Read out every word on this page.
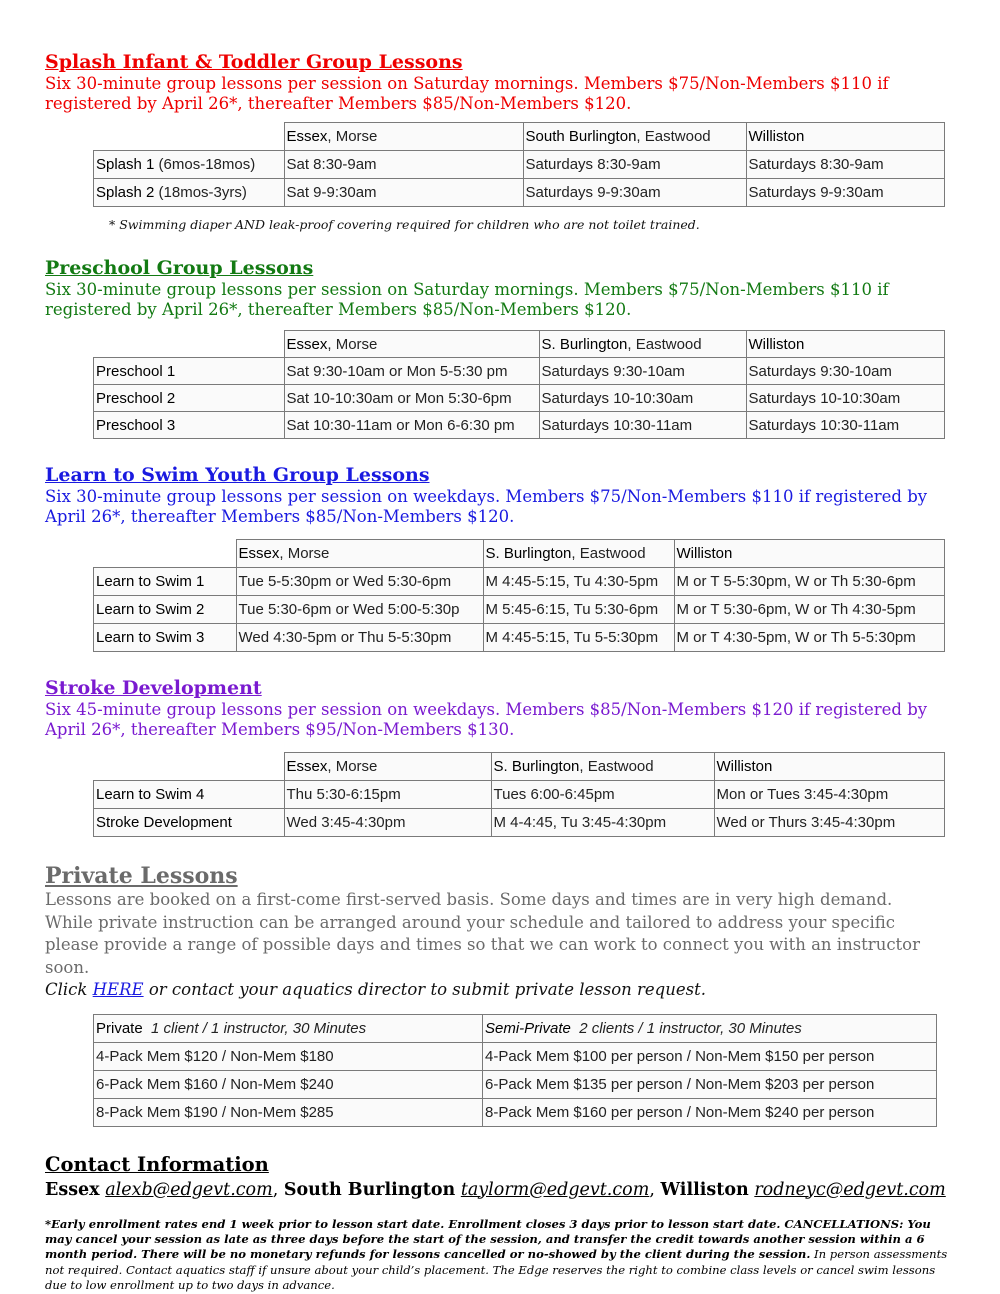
Splash Infant & Toddler Group Lessons

Six 30-minute group lessons per session on Saturday mornings. Members $75/Non-Members $110 if registered by April 26*, thereafter Members $85/Non-Members $120.

	Essex, Morse	South Burlington, Eastwood	Williston
Splash 1 (6mos-18mos)	Sat 8:30-9am	Saturdays 8:30-9am	Saturdays 8:30-9am
Splash 2 (18mos-3yrs)	Sat 9-9:30am	Saturdays 9-9:30am	Saturdays 9-9:30am

* Swimming diaper AND leak-proof covering required for children who are not toilet trained.

Preschool Group Lessons

Six 30-minute group lessons per session on Saturday mornings. Members $75/Non-Members $110 if registered by April 26*, thereafter Members $85/Non-Members $120.

	Essex, Morse	S. Burlington, Eastwood	Williston
Preschool 1	Sat 9:30-10am or Mon 5-5:30 pm	Saturdays 9:30-10am	Saturdays 9:30-10am
Preschool 2	Sat 10-10:30am or Mon 5:30-6pm	Saturdays 10-10:30am	Saturdays 10-10:30am
Preschool 3	Sat 10:30-11am or Mon 6-6:30 pm	Saturdays 10:30-11am	Saturdays 10:30-11am
Learn to Swim Youth Group Lessons

Six 30-minute group lessons per session on weekdays. Members $75/Non-Members $110 if registered by April 26*, thereafter Members $85/Non-Members $120.

	Essex, Morse	S. Burlington, Eastwood	Williston
Learn to Swim 1	Tue 5-5:30pm or Wed 5:30-6pm	M 4:45-5:15, Tu 4:30-5pm	M or T 5-5:30pm, W or Th 5:30-6pm
Learn to Swim 2	Tue 5:30-6pm or Wed 5:00-5:30p	M 5:45-6:15, Tu 5:30-6pm	M or T 5:30-6pm, W or Th 4:30-5pm
Learn to Swim 3	Wed 4:30-5pm or Thu 5-5:30pm	M 4:45-5:15, Tu 5-5:30pm	M or T 4:30-5pm, W or Th 5-5:30pm
Stroke Development

Six 45-minute group lessons per session on weekdays. Members $85/Non-Members $120 if registered by April 26*, thereafter Members $95/Non-Members $130.

	Essex, Morse	S. Burlington, Eastwood	Williston
Learn to Swim 4	Thu 5:30-6:15pm	Tues 6:00-6:45pm	Mon or Tues 3:45-4:30pm
Stroke Development	Wed 3:45-4:30pm	M 4-4:45, Tu 3:45-4:30pm	Wed or Thurs 3:45-4:30pm
Private Lessons

Lessons are booked on a first-come first-served basis. Some days and times are in very high demand. While private instruction can be arranged around your schedule and tailored to address your specific please provide a range of possible days and times so that we can work to connect you with an instructor soon.

Click HERE or contact your aquatics director to submit private lesson request.

Private 1 client / 1 instructor, 30 Minutes	Semi-Private 2 clients / 1 instructor, 30 Minutes
4-Pack Mem $120 / Non-Mem $180	4-Pack Mem $100 per person / Non-Mem $150 per person
6-Pack Mem $160 / Non-Mem $240	6-Pack Mem $135 per person / Non-Mem $203 per person
8-Pack Mem $190 / Non-Mem $285	8-Pack Mem $160 per person / Non-Mem $240 per person
Contact Information

Essex alexb@edgevt.com, South Burlington taylorm@edgevt.com, Williston rodneyc@edgevt.com

*Early enrollment rates end 1 week prior to lesson start date. Enrollment closes 3 days prior to lesson start date. CANCELLATIONS: You may cancel your session as late as three days before the start of the session, and transfer the credit towards another session within a 6 month period. There will be no monetary refunds for lessons cancelled or no-showed by the client during the session. In person assessments not required. Contact aquatics staff if unsure about your child’s placement. The Edge reserves the right to combine class levels or cancel swim lessons due to low enrollment up to two days in advance.
